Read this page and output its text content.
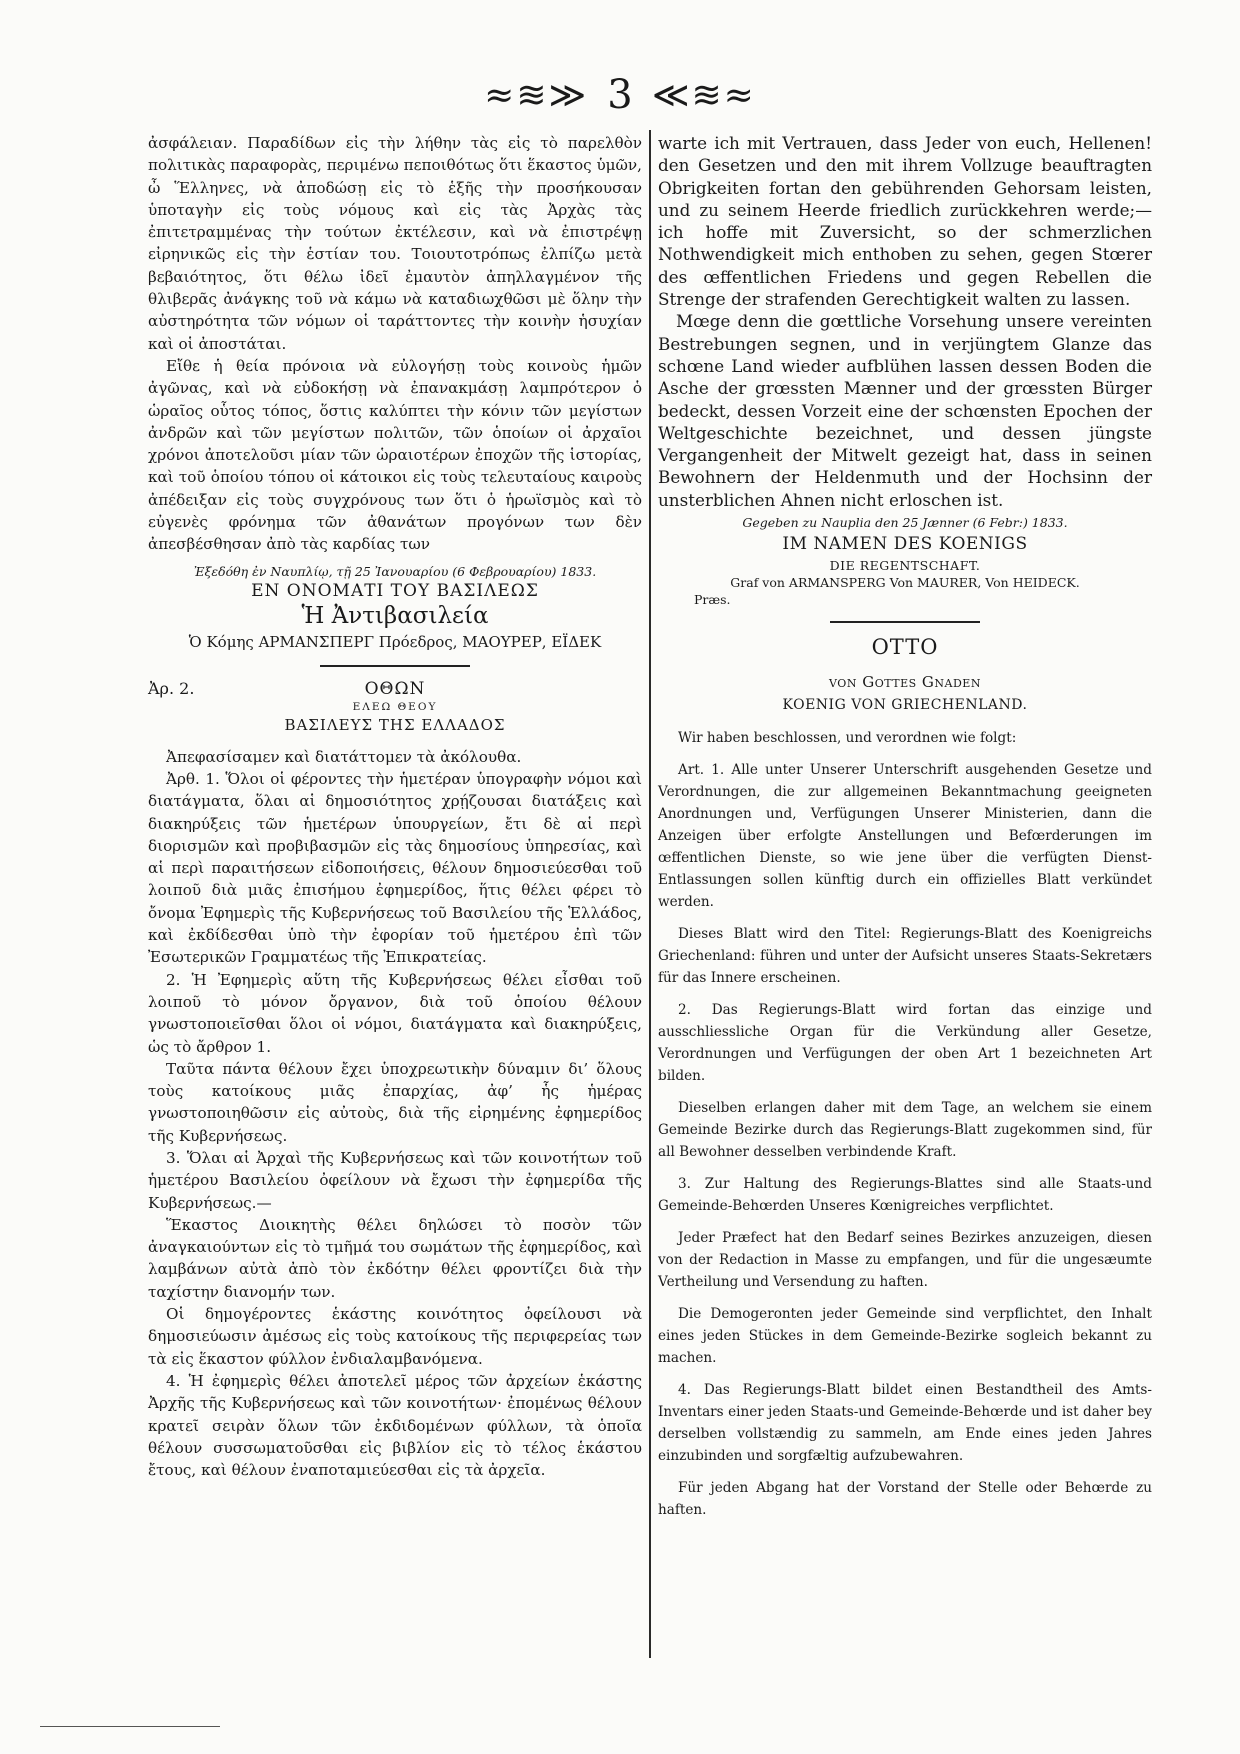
≈≋≫ 3 ≪≋≈

ἀσφάλειαν. Παραδίδων εἰς τὴν λήθην τὰς εἰς τὸ παρελθὸν πολιτικὰς παραφορὰς, περιμένω πεποιθότως ὅτι ἕκαστος ὑμῶν, ὦ Ἕλληνες, νὰ ἀποδώσῃ εἰς τὸ ἑξῆς τὴν προσήκουσαν ὑποταγὴν εἰς τοὺς νόμους καὶ εἰς τὰς Ἀρχὰς τὰς ἐπιτετραμμένας τὴν τούτων ἐκτέλεσιν, καὶ νὰ ἐπιστρέψῃ εἰρηνικῶς εἰς τὴν ἑστίαν του. Τοιουτοτρόπως ἐλπίζω μετὰ βεβαιότητος, ὅτι θέλω ἰδεῖ ἐμαυτὸν ἀπηλλαγμένον τῆς θλιβερᾶς ἀνάγκης τοῦ νὰ κάμω νὰ καταδιωχθῶσι μὲ ὅλην τὴν αὐστηρότητα τῶν νόμων οἱ ταράττοντες τὴν κοινὴν ἡσυχίαν καὶ οἱ ἀποστάται.

Εἴθε ἡ θεία πρόνοια νὰ εὐλογήσῃ τοὺς κοινοὺς ἡμῶν ἀγῶνας, καὶ νὰ εὐδοκήσῃ νὰ ἐπανακμάσῃ λαμπρότερον ὁ ὡραῖος οὗτος τόπος, ὅστις καλύπτει τὴν κόνιν τῶν μεγίστων ἀνδρῶν καὶ τῶν μεγίστων πολιτῶν, τῶν ὁποίων οἱ ἀρχαῖοι χρόνοι ἀποτελοῦσι μίαν τῶν ὡραιοτέρων ἐποχῶν τῆς ἱστορίας, καὶ τοῦ ὁποίου τόπου οἱ κάτοικοι εἰς τοὺς τελευταίους καιροὺς ἀπέδειξαν εἰς τοὺς συγχρόνους των ὅτι ὁ ἡρωϊσμὸς καὶ τὸ εὐγενὲς φρόνημα τῶν ἀθανάτων προγόνων των δὲν ἀπεσβέσθησαν ἀπὸ τὰς καρδίας των

Ἐξεδόθη ἐν Ναυπλίῳ, τῇ 25 Ἰανουαρίου (6 Φεβρουαρίου) 1833.

ΕΝ ΟΝΟΜΑΤΙ ΤΟΥ ΒΑΣΙΛΕΩΣ

Ἡ Ἀντιβασιλεία

Ὁ Κόμης ΑΡΜΑΝΣΠΕΡΓ Πρόεδρος, ΜΑΟΥΡΕΡ, ΕΪΔΕΚ

Ἀρ. 2.	ΟΘΩΝ

ΕΛΕΩ ΘΕΟΥ

ΒΑΣΙΛΕΥΣ ΤΗΣ ΕΛΛΑΔΟΣ

Ἀπεφασίσαμεν καὶ διατάττομεν τὰ ἀκόλουθα.

Ἀρθ. 1. Ὅλοι οἱ φέροντες τὴν ἡμετέραν ὑπογραφὴν νόμοι καὶ διατάγματα, ὅλαι αἱ δημοσιότητος χρῄζουσαι διατάξεις καὶ διακηρύξεις τῶν ἡμετέρων ὑπουργείων, ἔτι δὲ αἱ περὶ διορισμῶν καὶ προβιβασμῶν εἰς τὰς δημοσίους ὑπηρεσίας, καὶ αἱ περὶ παραιτήσεων εἰδοποιήσεις, θέλουν δημοσιεύεσθαι τοῦ λοιποῦ διὰ μιᾶς ἐπισήμου ἐφημερίδος, ἥτις θέλει φέρει τὸ ὄνομα Ἐφημερὶς τῆς Κυβερνήσεως τοῦ Βασιλείου τῆς Ἑλλάδος, καὶ ἐκδίδεσθαι ὑπὸ τὴν ἐφορίαν τοῦ ἡμετέρου ἐπὶ τῶν Ἐσωτερικῶν Γραμματέως τῆς Ἐπικρατείας.

2. Ἡ Ἐφημερὶς αὕτη τῆς Κυβερνήσεως θέλει εἶσθαι τοῦ λοιποῦ τὸ μόνον ὄργανον, διὰ τοῦ ὁποίου θέλουν γνωστοποιεῖσθαι ὅλοι οἱ νόμοι, διατάγματα καὶ διακηρύξεις, ὡς τὸ ἄρθρον 1.

Ταῦτα πάντα θέλουν ἔχει ὑποχρεωτικὴν δύναμιν δι’ ὅλους τοὺς κατοίκους μιᾶς ἐπαρχίας, ἀφ’ ἧς ἡμέρας γνωστοποιηθῶσιν εἰς αὐτοὺς, διὰ τῆς εἰρημένης ἐφημερίδος τῆς Κυβερνήσεως.

3. Ὅλαι αἱ Ἀρχαὶ τῆς Κυβερνήσεως καὶ τῶν κοινοτήτων τοῦ ἡμετέρου Βασιλείου ὀφείλουν νὰ ἔχωσι τὴν ἐφημερίδα τῆς Κυβερνήσεως.—

Ἕκαστος Διοικητὴς θέλει δηλώσει τὸ ποσὸν τῶν ἀναγκαιούντων εἰς τὸ τμῆμά του σωμάτων τῆς ἐφημερίδος, καὶ λαμβάνων αὐτὰ ἀπὸ τὸν ἐκδότην θέλει φροντίζει διὰ τὴν ταχίστην διανομήν των.

Οἱ δημογέροντες ἑκάστης κοινότητος ὀφείλουσι νὰ δημοσιεύωσιν ἀμέσως εἰς τοὺς κατοίκους τῆς περιφερείας των τὰ εἰς ἕκαστον φύλλον ἐνδιαλαμβανόμενα.

4. Ἡ ἐφημερὶς θέλει ἀποτελεῖ μέρος τῶν ἀρχείων ἑκάστης Ἀρχῆς τῆς Κυβερνήσεως καὶ τῶν κοινοτήτων· ἐπομένως θέλουν κρατεῖ σειρὰν ὅλων τῶν ἐκδιδομένων φύλλων, τὰ ὁποῖα θέλουν συσσωματοῦσθαι εἰς βιβλίον εἰς τὸ τέλος ἑκάστου ἔτους, καὶ θέλουν ἐναποταμιεύεσθαι εἰς τὰ ἀρχεῖα.

warte ich mit Vertrauen, dass Jeder von euch, Hellenen! den Gesetzen und den mit ihrem Vollzuge beauftragten Obrigkeiten fortan den gebührenden Gehorsam leisten, und zu seinem Heerde friedlich zurückkehren werde;— ich hoffe mit Zuversicht, so der schmerzlichen Nothwendigkeit mich enthoben zu sehen, gegen Stœrer des œffentlichen Friedens und gegen Rebellen die Strenge der strafenden Gerechtigkeit walten zu lassen.

Mœge denn die gœttliche Vorsehung unsere vereinten Bestrebungen segnen, und in verjüngtem Glanze das schœne Land wieder aufblühen lassen dessen Boden die Asche der grœssten Mænner und der grœssten Bürger bedeckt, dessen Vorzeit eine der schœnsten Epochen der Weltgeschichte bezeichnet, und dessen jüngste Vergangenheit der Mitwelt gezeigt hat, dass in seinen Bewohnern der Heldenmuth und der Hochsinn der unsterblichen Ahnen nicht erloschen ist.

Gegeben zu Nauplia den 25 Jænner (6 Febr:) 1833.

IM NAMEN DES KOENIGS

DIE REGENTSCHAFT.

Graf von ARMANSPERG Von MAURER, Von HEIDECK.

Præs.

OTTO

von Gottes Gnaden

KOENIG VON GRIECHENLAND.

Wir haben beschlossen, und verordnen wie folgt:

Art. 1. Alle unter Unserer Unterschrift ausgehenden Gesetze und Verordnungen, die zur allgemeinen Bekanntmachung geeigneten Anordnungen und, Verfügungen Unserer Ministerien, dann die Anzeigen über erfolgte Anstellungen und Befœrderungen im œffentlichen Dienste, so wie jene über die verfügten Dienst-Entlassungen sollen künftig durch ein offizielles Blatt verkündet werden.

Dieses Blatt wird den Titel: Regierungs-Blatt des Koenigreichs Griechenland: führen und unter der Aufsicht unseres Staats-Sekretærs für das Innere erscheinen.

2. Das Regierungs-Blatt wird fortan das einzige und ausschliessliche Organ für die Verkündung aller Gesetze, Verordnungen und Verfügungen der oben Art 1 bezeichneten Art bilden.

Dieselben erlangen daher mit dem Tage, an welchem sie einem Gemeinde Bezirke durch das Regierungs-Blatt zugekommen sind, für all Bewohner desselben verbindende Kraft.

3. Zur Haltung des Regierungs-Blattes sind alle Staats-und Gemeinde-Behœrden Unseres Kœnigreiches verpflichtet.

Jeder Præfect hat den Bedarf seines Bezirkes anzuzeigen, diesen von der Redaction in Masse zu empfangen, und für die ungesæumte Vertheilung und Versendung zu haften.

Die Demogeronten jeder Gemeinde sind verpflichtet, den Inhalt eines jeden Stückes in dem Gemeinde-Bezirke sogleich bekannt zu machen.

4. Das Regierungs-Blatt bildet einen Bestandtheil des Amts-Inventars einer jeden Staats-und Gemeinde-Behœrde und ist daher bey derselben vollstændig zu sammeln, am Ende eines jeden Jahres einzubinden und sorgfæltig aufzubewahren.

Für jeden Abgang hat der Vorstand der Stelle oder Behœrde zu haften.
